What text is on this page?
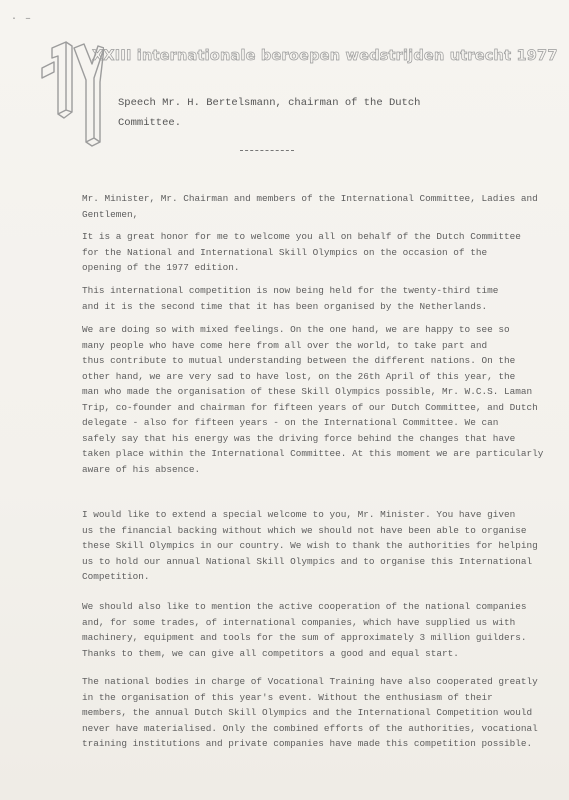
· –
XXIII internationale beroepen wedstrijden utrecht 1977
Speech Mr. H. Bertelsmann, chairman of the Dutch
Committee.
Mr. Minister, Mr. Chairman and members of the International Committee, Ladies and
Gentlemen,
It is a great honor for me to welcome you all on behalf of the Dutch Committee
for the National and International Skill Olympics on the occasion of the
opening of the 1977 edition.
This international competition is now being held for the twenty-third time
and it is the second time that it has been organised by the Netherlands.
We are doing so with mixed feelings. On the one hand, we are happy to see so
many people who have come here from all over the world, to take part and
thus contribute to mutual understanding between the different nations. On the
other hand, we are very sad to have lost, on the 26th April of this year, the
man who made the organisation of these Skill Olympics possible, Mr. W.C.S. Laman
Trip, co-founder and chairman for fifteen years of our Dutch Committee, and Dutch
delegate - also for fifteen years - on the International Committee. We can
safely say that his energy was the driving force behind the changes that have
taken place within the International Committee. At this moment we are particularly
aware of his absence.
I would like to extend a special welcome to you, Mr. Minister. You have given
us the financial backing without which we should not have been able to organise
these Skill Olympics in our country. We wish to thank the authorities for helping
us to hold our annual National Skill Olympics and to organise this International
Competition.
We should also like to mention the active cooperation of the national companies
and, for some trades, of international companies, which have supplied us with
machinery, equipment and tools for the sum of approximately 3 million guilders.
Thanks to them, we can give all competitors a good and equal start.
The national bodies in charge of Vocational Training have also cooperated greatly
in the organisation of this year's event. Without the enthusiasm of their
members, the annual Dutch Skill Olympics and the International Competition would
never have materialised. Only the combined efforts of the authorities, vocational
training institutions and private companies have made this competition possible.
